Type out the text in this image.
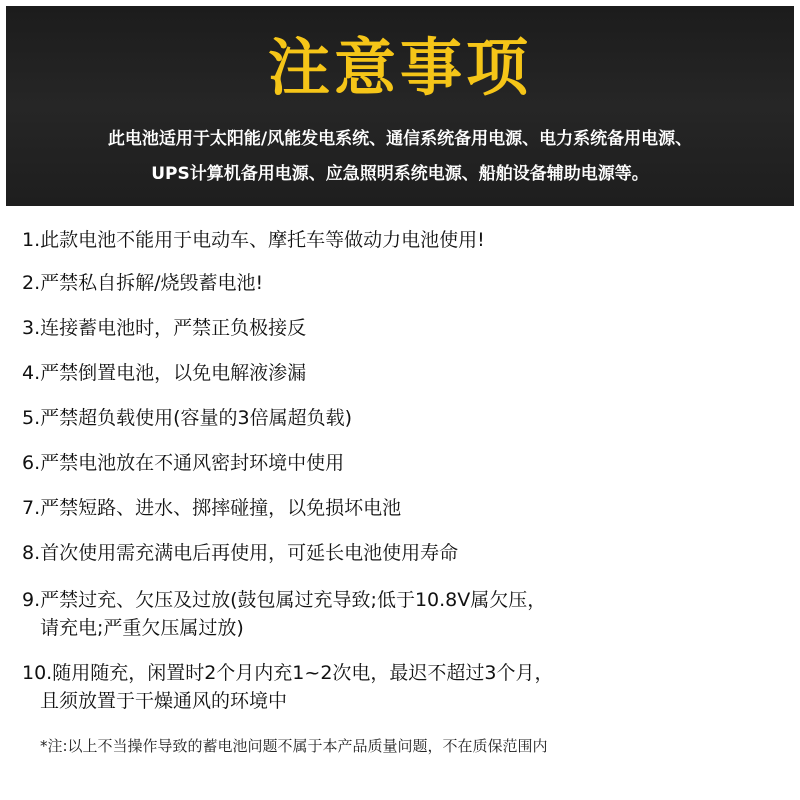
注意事项
此电池适用于太阳能/风能发电系统、通信系统备用电源、电力系统备用电源、
UPS计算机备用电源、应急照明系统电源、船舶设备辅助电源等。
1.此款电池不能用于电动车、摩托车等做动力电池使用!
2.严禁私自拆解/烧毁蓄电池!
3.连接蓄电池时，严禁正负极接反
4.严禁倒置电池，以免电解液渗漏
5.严禁超负载使用(容量的3倍属超负载)
6.严禁电池放在不通风密封环境中使用
7.严禁短路、进水、掷摔碰撞，以免损坏电池
8.首次使用需充满电后再使用，可延长电池使用寿命
9.严禁过充、欠压及过放(鼓包属过充导致;低于10.8V属欠压，
请充电;严重欠压属过放)
10.随用随充，闲置时2个月内充1~2次电，最迟不超过3个月，
且须放置于干燥通风的环境中
*注:以上不当操作导致的蓄电池问题不属于本产品质量问题，不在质保范围内
